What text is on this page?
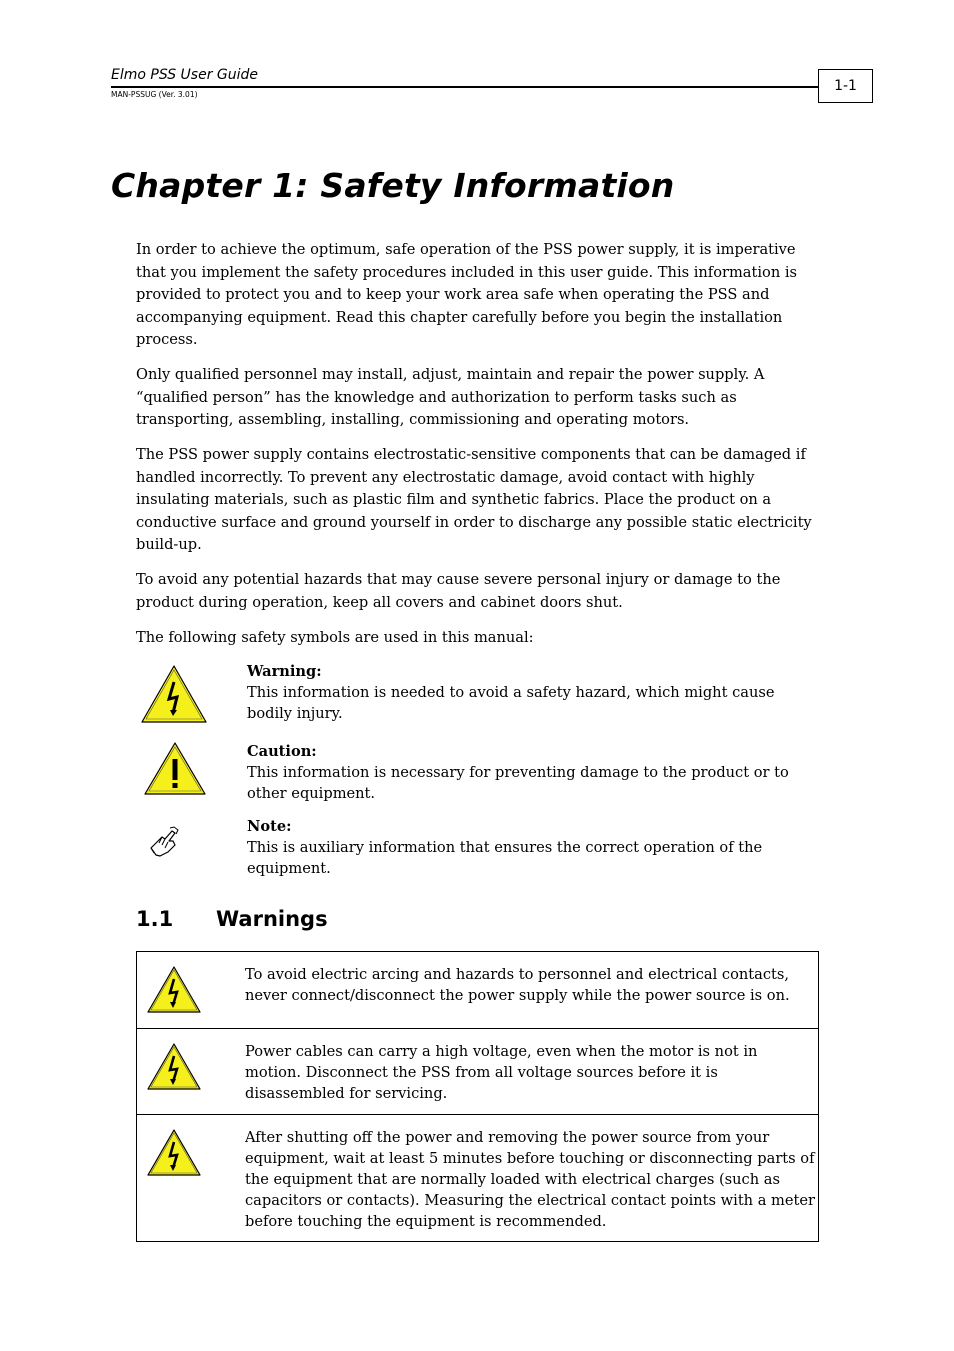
Elmo PSS User Guide
MAN-PSSUG (Ver. 3.01)
1-1
Chapter 1: Safety Information

In order to achieve the optimum, safe operation of the PSS power supply, it is imperative that you implement the safety procedures included in this user guide. This information is provided to protect you and to keep your work area safe when operating the PSS and accompanying equipment. Read this chapter carefully before you begin the installation process.

Only qualified personnel may install, adjust, maintain and repair the power supply. A “qualified person” has the knowledge and authorization to perform tasks such as transporting, assembling, installing, commissioning and operating motors.

The PSS power supply contains electrostatic-sensitive components that can be damaged if handled incorrectly. To prevent any electrostatic damage, avoid contact with highly insulating materials, such as plastic film and synthetic fabrics. Place the product on a conductive surface and ground yourself in order to discharge any possible static electricity build-up.

To avoid any potential hazards that may cause severe personal injury or damage to the product during operation, keep all covers and cabinet doors shut.

The following safety symbols are used in this manual:

Warning:
This information is needed to avoid a safety hazard, which might cause bodily injury.
Caution:
This information is necessary for preventing damage to the product or to other equipment.
Note:
This is auxiliary information that ensures the correct operation of the equipment.
1.1 Warnings
To avoid electric arcing and hazards to personnel and electrical contacts, never connect/disconnect the power supply while the power source is on.
Power cables can carry a high voltage, even when the motor is not in motion. Disconnect the PSS from all voltage sources before it is disassembled for servicing.
After shutting off the power and removing the power source from your equipment, wait at least 5 minutes before touching or disconnecting parts of the equipment that are normally loaded with electrical charges (such as capacitors or contacts). Measuring the electrical contact points with a meter before touching the equipment is recommended.
